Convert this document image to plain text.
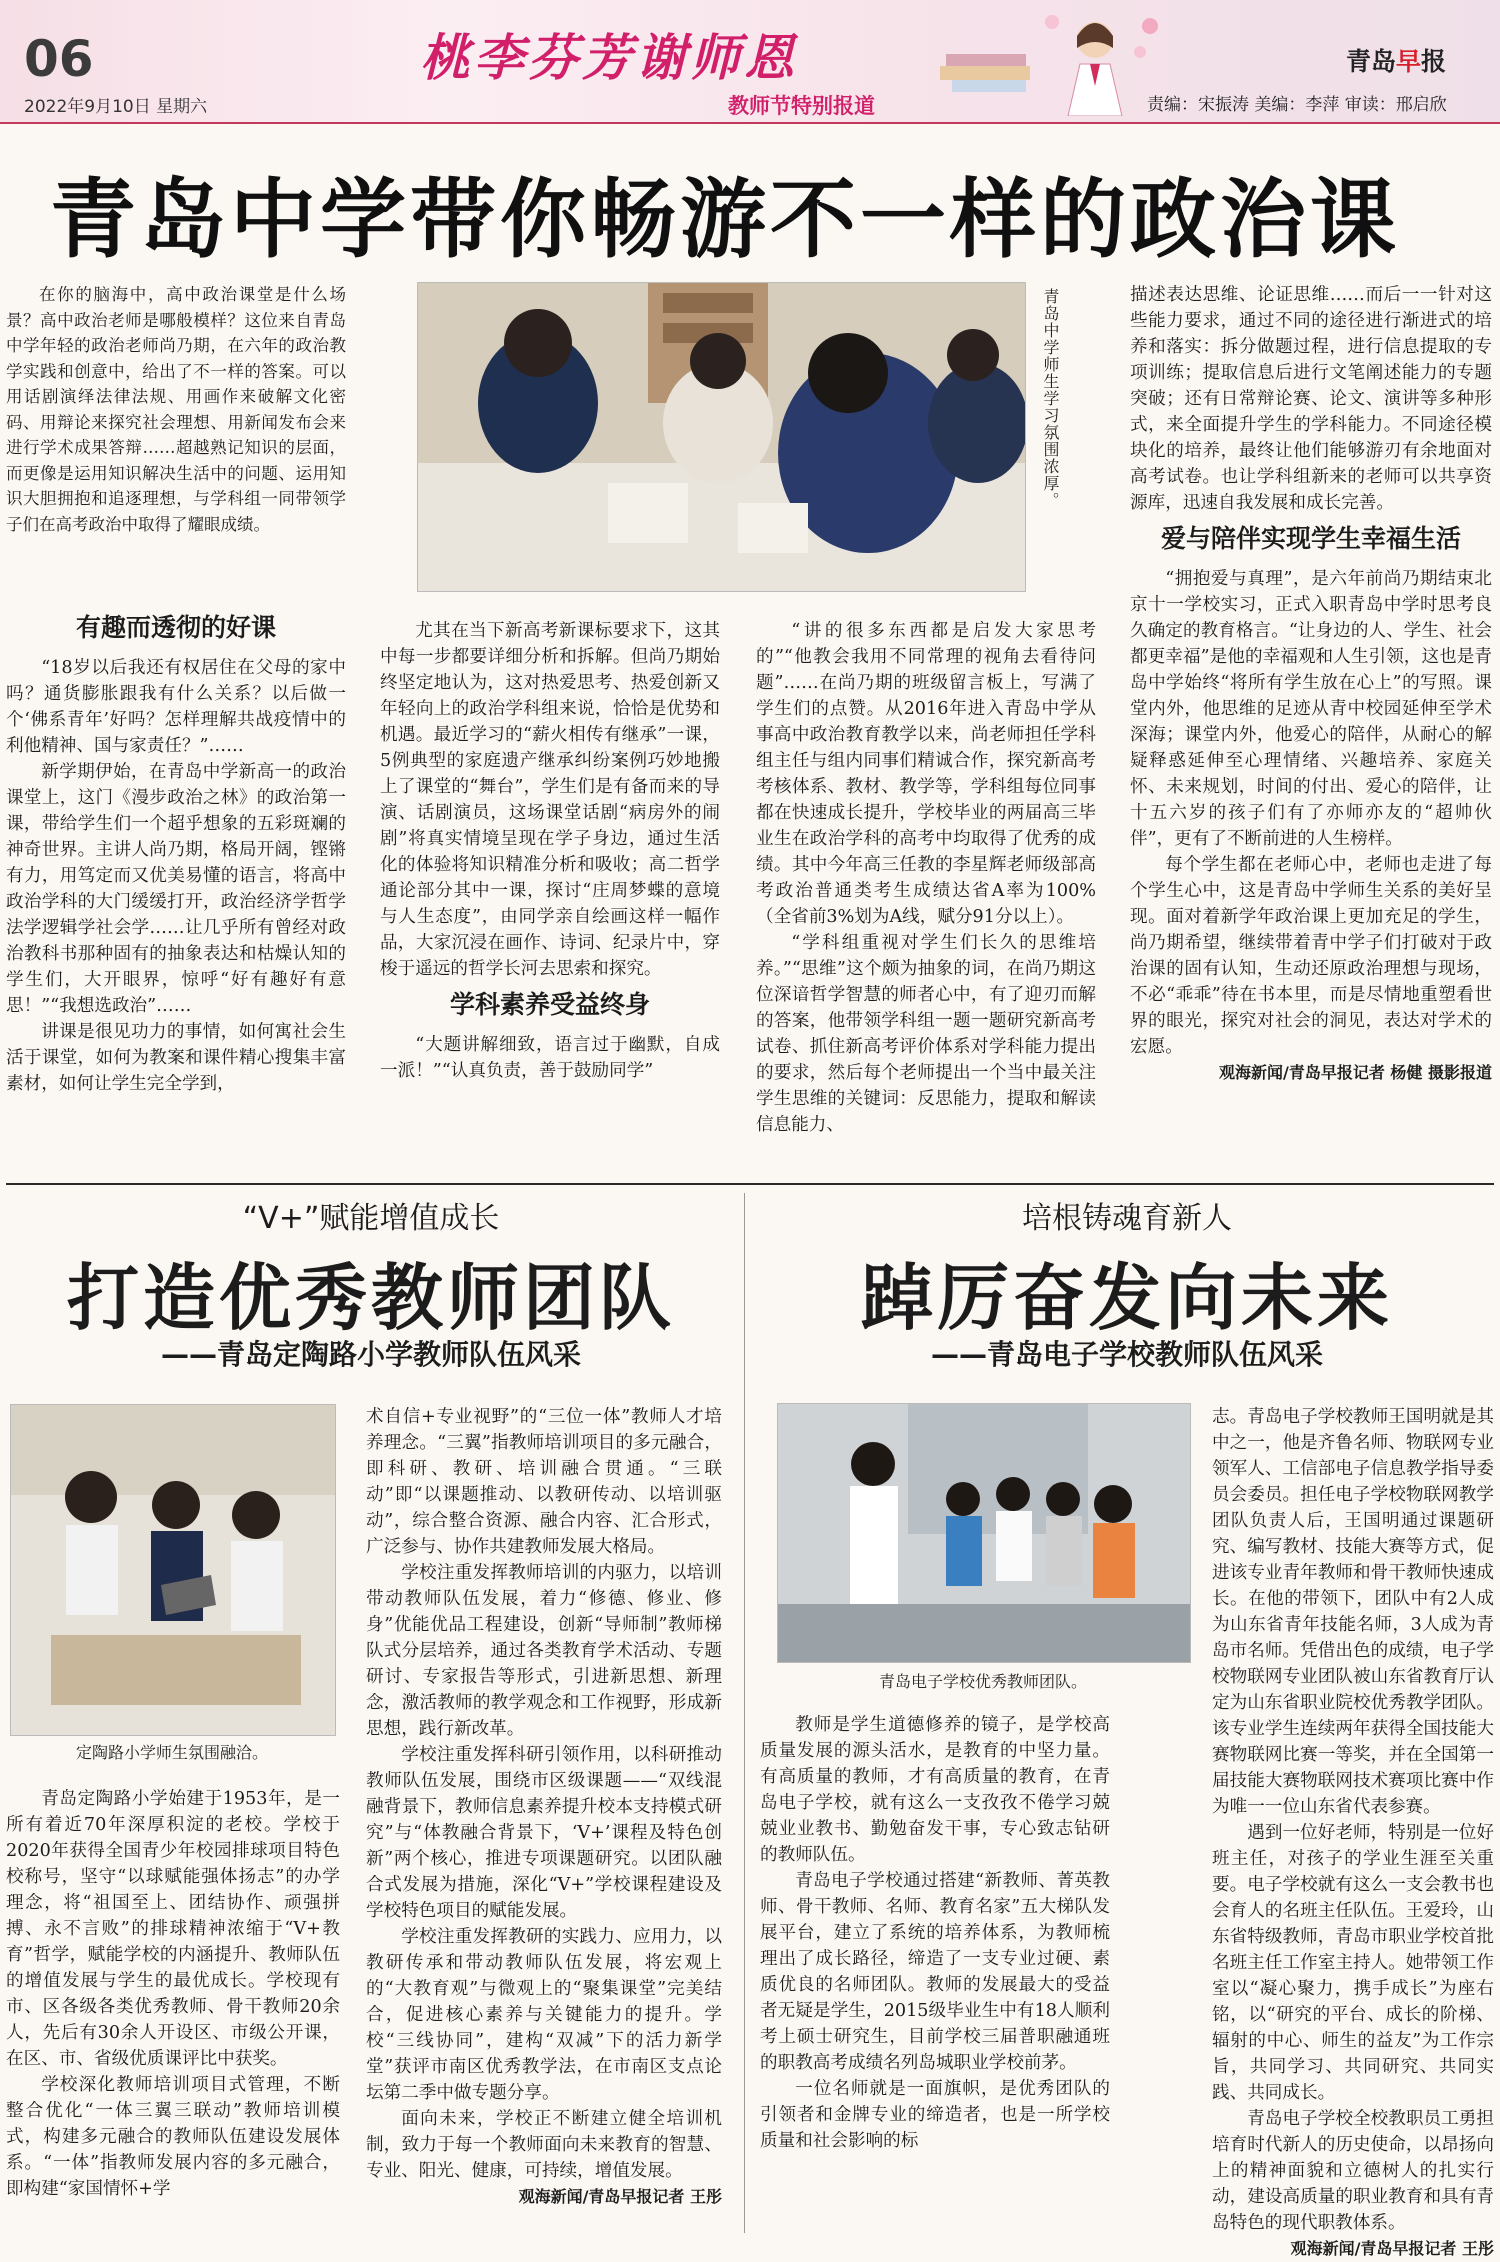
06
2022年9月10日 星期六
桃李芬芳谢师恩
教师节特别报道
青岛早报
责编：宋振涛 美编：李萍 审读：邢启欣
青岛中学带你畅游不一样的政治课

在你的脑海中，高中政治课堂是什么场景？高中政治老师是哪般模样？这位来自青岛中学年轻的政治老师尚乃期，在六年的政治教学实践和创意中，给出了不一样的答案。可以用话剧演绎法律法规、用画作来破解文化密码、用辩论来探究社会理想、用新闻发布会来进行学术成果答辩……超越熟记知识的层面，而更像是运用知识解决生活中的问题、运用知识大胆拥抱和追逐理想，与学科组一同带领学子们在高考政治中取得了耀眼成绩。

青岛中学师生学习氛围浓厚。
有趣而透彻的好课

“18岁以后我还有权居住在父母的家中吗？通货膨胀跟我有什么关系？以后做一个‘佛系青年’好吗？怎样理解共战疫情中的利他精神、国与家责任？”……

新学期伊始，在青岛中学新高一的政治课堂上，这门《漫步政治之林》的政治第一课，带给学生们一个超乎想象的五彩斑斓的神奇世界。主讲人尚乃期，格局开阔，铿锵有力，用笃定而又优美易懂的语言，将高中政治学科的大门缓缓打开，政治经济学哲学法学逻辑学社会学……让几乎所有曾经对政治教科书那种固有的抽象表达和枯燥认知的学生们，大开眼界，惊呼“好有趣好有意思！”“我想选政治”……

讲课是很见功力的事情，如何寓社会生活于课堂，如何为教案和课件精心搜集丰富素材，如何让学生完全学到，

尤其在当下新高考新课标要求下，这其中每一步都要详细分析和拆解。但尚乃期始终坚定地认为，这对热爱思考、热爱创新又年轻向上的政治学科组来说，恰恰是优势和机遇。最近学习的“薪火相传有继承”一课，5例典型的家庭遗产继承纠纷案例巧妙地搬上了课堂的“舞台”，学生们是有备而来的导演、话剧演员，这场课堂话剧“病房外的闹剧”将真实情境呈现在学子身边，通过生活化的体验将知识精准分析和吸收；高二哲学通论部分其中一课，探讨“庄周梦蝶的意境与人生态度”，由同学亲自绘画这样一幅作品，大家沉浸在画作、诗词、纪录片中，穿梭于遥远的哲学长河去思索和探究。

学科素养受益终身

“大题讲解细致，语言过于幽默，自成一派！”“认真负责，善于鼓励同学”

“讲的很多东西都是启发大家思考的”“他教会我用不同常理的视角去看待问题”……在尚乃期的班级留言板上，写满了学生们的点赞。从2016年进入青岛中学从事高中政治教育教学以来，尚老师担任学科组主任与组内同事们精诚合作，探究新高考考核体系、教材、教学等，学科组每位同事都在快速成长提升，学校毕业的两届高三毕业生在政治学科的高考中均取得了优秀的成绩。其中今年高三任教的李星辉老师级部高考政治普通类考生成绩达省A率为100%（全省前3%划为A线，赋分91分以上）。

“学科组重视对学生们长久的思维培养。”“思维”这个颇为抽象的词，在尚乃期这位深谙哲学智慧的师者心中，有了迎刃而解的答案，他带领学科组一题一题研究新高考试卷、抓住新高考评价体系对学科能力提出的要求，然后每个老师提出一个当中最关注学生思维的关键词：反思能力，提取和解读信息能力、

描述表达思维、论证思维……而后一一针对这些能力要求，通过不同的途径进行渐进式的培养和落实：拆分做题过程，进行信息提取的专项训练；提取信息后进行文笔阐述能力的专题突破；还有日常辩论赛、论文、演讲等多种形式，来全面提升学生的学科能力。不同途径模块化的培养，最终让他们能够游刃有余地面对高考试卷。也让学科组新来的老师可以共享资源库，迅速自我发展和成长完善。

爱与陪伴实现学生幸福生活

“拥抱爱与真理”，是六年前尚乃期结束北京十一学校实习，正式入职青岛中学时思考良久确定的教育格言。“让身边的人、学生、社会都更幸福”是他的幸福观和人生引领，这也是青岛中学始终“将所有学生放在心上”的写照。课堂内外，他思维的足迹从青中校园延伸至学术深海；课堂内外，他爱心的陪伴，从耐心的解疑释惑延伸至心理情绪、兴趣培养、家庭关怀、未来规划，时间的付出、爱心的陪伴，让十五六岁的孩子们有了亦师亦友的“超帅伙伴”，更有了不断前进的人生榜样。

每个学生都在老师心中，老师也走进了每个学生心中，这是青岛中学师生关系的美好呈现。面对着新学年政治课上更加充足的学生，尚乃期希望，继续带着青中学子们打破对于政治课的固有认知，生动还原政治理想与现场，不必“乖乖”待在书本里，而是尽情地重塑看世界的眼光，探究对社会的洞见，表达对学术的宏愿。

观海新闻/青岛早报记者 杨健 摄影报道
“V+”赋能增值成长
打造优秀教师团队
——青岛定陶路小学教师队伍风采
定陶路小学师生氛围融洽。

青岛定陶路小学始建于1953年，是一所有着近70年深厚积淀的老校。学校于2020年获得全国青少年校园排球项目特色校称号，坚守“以球赋能强体扬志”的办学理念，将“祖国至上、团结协作、顽强拼搏、永不言败”的排球精神浓缩于“V+教育”哲学，赋能学校的内涵提升、教师队伍的增值发展与学生的最优成长。学校现有市、区各级各类优秀教师、骨干教师20余人，先后有30余人开设区、市级公开课，在区、市、省级优质课评比中获奖。

学校深化教师培训项目式管理，不断整合优化“一体三翼三联动”教师培训模式，构建多元融合的教师队伍建设发展体系。“一体”指教师发展内容的多元融合，即构建“家国情怀+学

术自信+专业视野”的“三位一体”教师人才培养理念。“三翼”指教师培训项目的多元融合，即科研、教研、培训融合贯通。“三联动”即“以课题推动、以教研传动、以培训驱动”，综合整合资源、融合内容、汇合形式，广泛参与、协作共建教师发展大格局。

学校注重发挥教师培训的内驱力，以培训带动教师队伍发展，着力“修德、修业、修身”优能优品工程建设，创新“导师制”教师梯队式分层培养，通过各类教育学术活动、专题研讨、专家报告等形式，引进新思想、新理念，激活教师的教学观念和工作视野，形成新思想，践行新改革。

学校注重发挥科研引领作用，以科研推动教师队伍发展，围绕市区级课题——“双线混融背景下，教师信息素养提升校本支持模式研究”与“体教融合背景下，‘V+’课程及特色创新”两个核心，推进专项课题研究。以团队融合式发展为措施，深化“V+”学校课程建设及学校特色项目的赋能发展。

学校注重发挥教研的实践力、应用力，以教研传承和带动教师队伍发展，将宏观上的“大教育观”与微观上的“聚集课堂”完美结合，促进核心素养与关键能力的提升。学校“三线协同”，建构“双减”下的活力新学堂”获评市南区优秀教学法，在市南区支点论坛第二季中做专题分享。

面向未来，学校正不断建立健全培训机制，致力于每一个教师面向未来教育的智慧、专业、阳光、健康，可持续，增值发展。

观海新闻/青岛早报记者 王彤
培根铸魂育新人
踔厉奋发向未来
——青岛电子学校教师队伍风采
青岛电子学校优秀教师团队。

教师是学生道德修养的镜子，是学校高质量发展的源头活水，是教育的中坚力量。有高质量的教师，才有高质量的教育，在青岛电子学校，就有这么一支孜孜不倦学习兢兢业业教书、勤勉奋发干事，专心致志钻研的教师队伍。

青岛电子学校通过搭建“新教师、菁英教师、骨干教师、名师、教育名家”五大梯队发展平台，建立了系统的培养体系，为教师梳理出了成长路径，缔造了一支专业过硬、素质优良的名师团队。教师的发展最大的受益者无疑是学生，2015级毕业生中有18人顺利考上硕士研究生，目前学校三届普职融通班的职教高考成绩名列岛城职业学校前茅。

一位名师就是一面旗帜，是优秀团队的引领者和金牌专业的缔造者，也是一所学校质量和社会影响的标

志。青岛电子学校教师王国明就是其中之一，他是齐鲁名师、物联网专业领军人、工信部电子信息教学指导委员会委员。担任电子学校物联网教学团队负责人后，王国明通过课题研究、编写教材、技能大赛等方式，促进该专业青年教师和骨干教师快速成长。在他的带领下，团队中有2人成为山东省青年技能名师，3人成为青岛市名师。凭借出色的成绩，电子学校物联网专业团队被山东省教育厅认定为山东省职业院校优秀教学团队。该专业学生连续两年获得全国技能大赛物联网比赛一等奖，并在全国第一届技能大赛物联网技术赛项比赛中作为唯一一位山东省代表参赛。

遇到一位好老师，特别是一位好班主任，对孩子的学业生涯至关重要。电子学校就有这么一支会教书也会育人的名班主任队伍。王爱玲，山东省特级教师，青岛市职业学校首批名班主任工作室主持人。她带领工作室以“凝心聚力，携手成长”为座右铭，以“研究的平台、成长的阶梯、辐射的中心、师生的益友”为工作宗旨，共同学习、共同研究、共同实践、共同成长。

青岛电子学校全校教职员工勇担培育时代新人的历史使命，以昂扬向上的精神面貌和立德树人的扎实行动，建设高质量的职业教育和具有青岛特色的现代职教体系。

观海新闻/青岛早报记者 王彤
